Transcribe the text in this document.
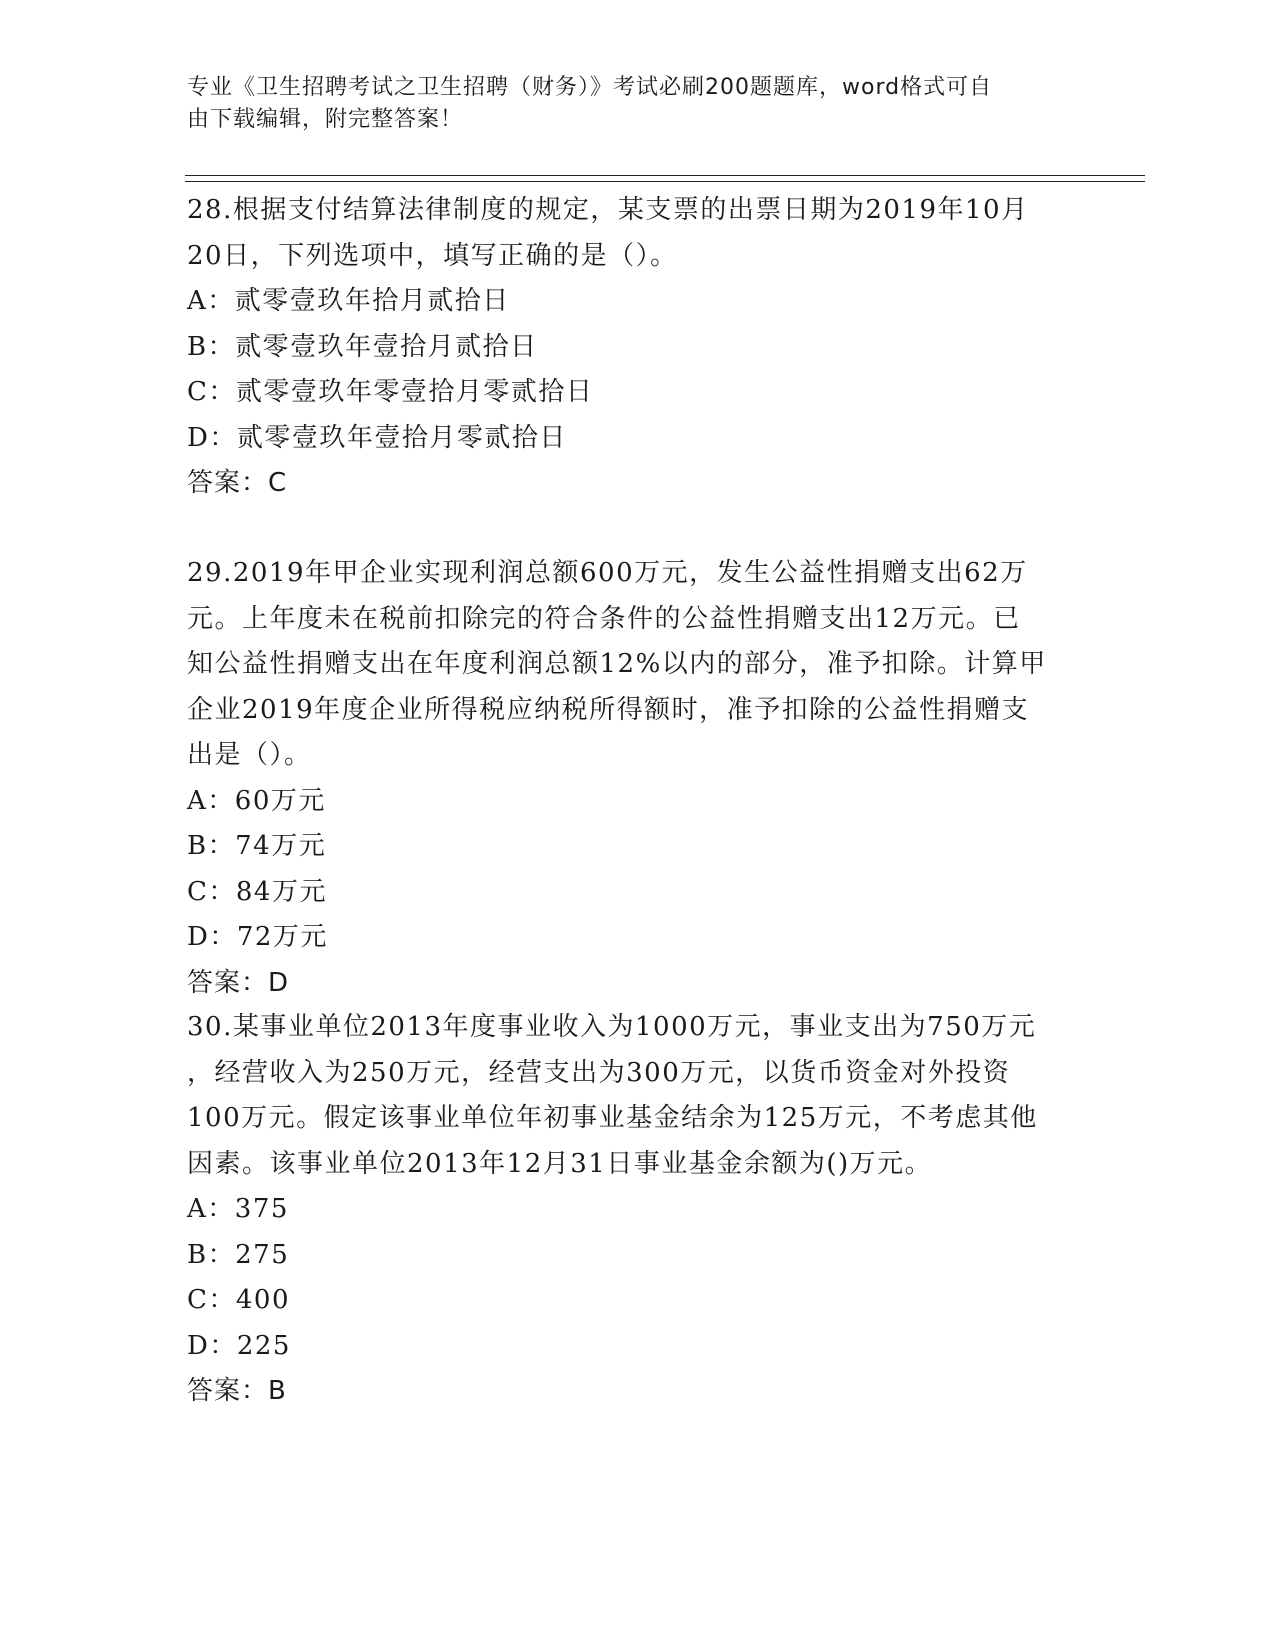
专业《卫生招聘考试之卫生招聘（财务）》考试必刷200题题库，word格式可自
由下载编辑，附完整答案！

28.根据支付结算法律制度的规定，某支票的出票日期为2019年10月

20日，下列选项中，填写正确的是（）。

A：贰零壹玖年拾月贰拾日

B：贰零壹玖年壹拾月贰拾日

C：贰零壹玖年零壹拾月零贰拾日

D：贰零壹玖年壹拾月零贰拾日

答案：C

29.2019年甲企业实现利润总额600万元，发生公益性捐赠支出62万

元。上年度未在税前扣除完的符合条件的公益性捐赠支出12万元。已

知公益性捐赠支出在年度利润总额12%以内的部分，准予扣除。计算甲

企业2019年度企业所得税应纳税所得额时，准予扣除的公益性捐赠支

出是（）。

A：60万元

B：74万元

C：84万元

D：72万元

答案：D

30.某事业单位2013年度事业收入为1000万元，事业支出为750万元

，经营收入为250万元，经营支出为300万元，以货币资金对外投资

100万元。假定该事业单位年初事业基金结余为125万元，不考虑其他

因素。该事业单位2013年12月31日事业基金余额为()万元。

A：375

B：275

C：400

D：225

答案：B
